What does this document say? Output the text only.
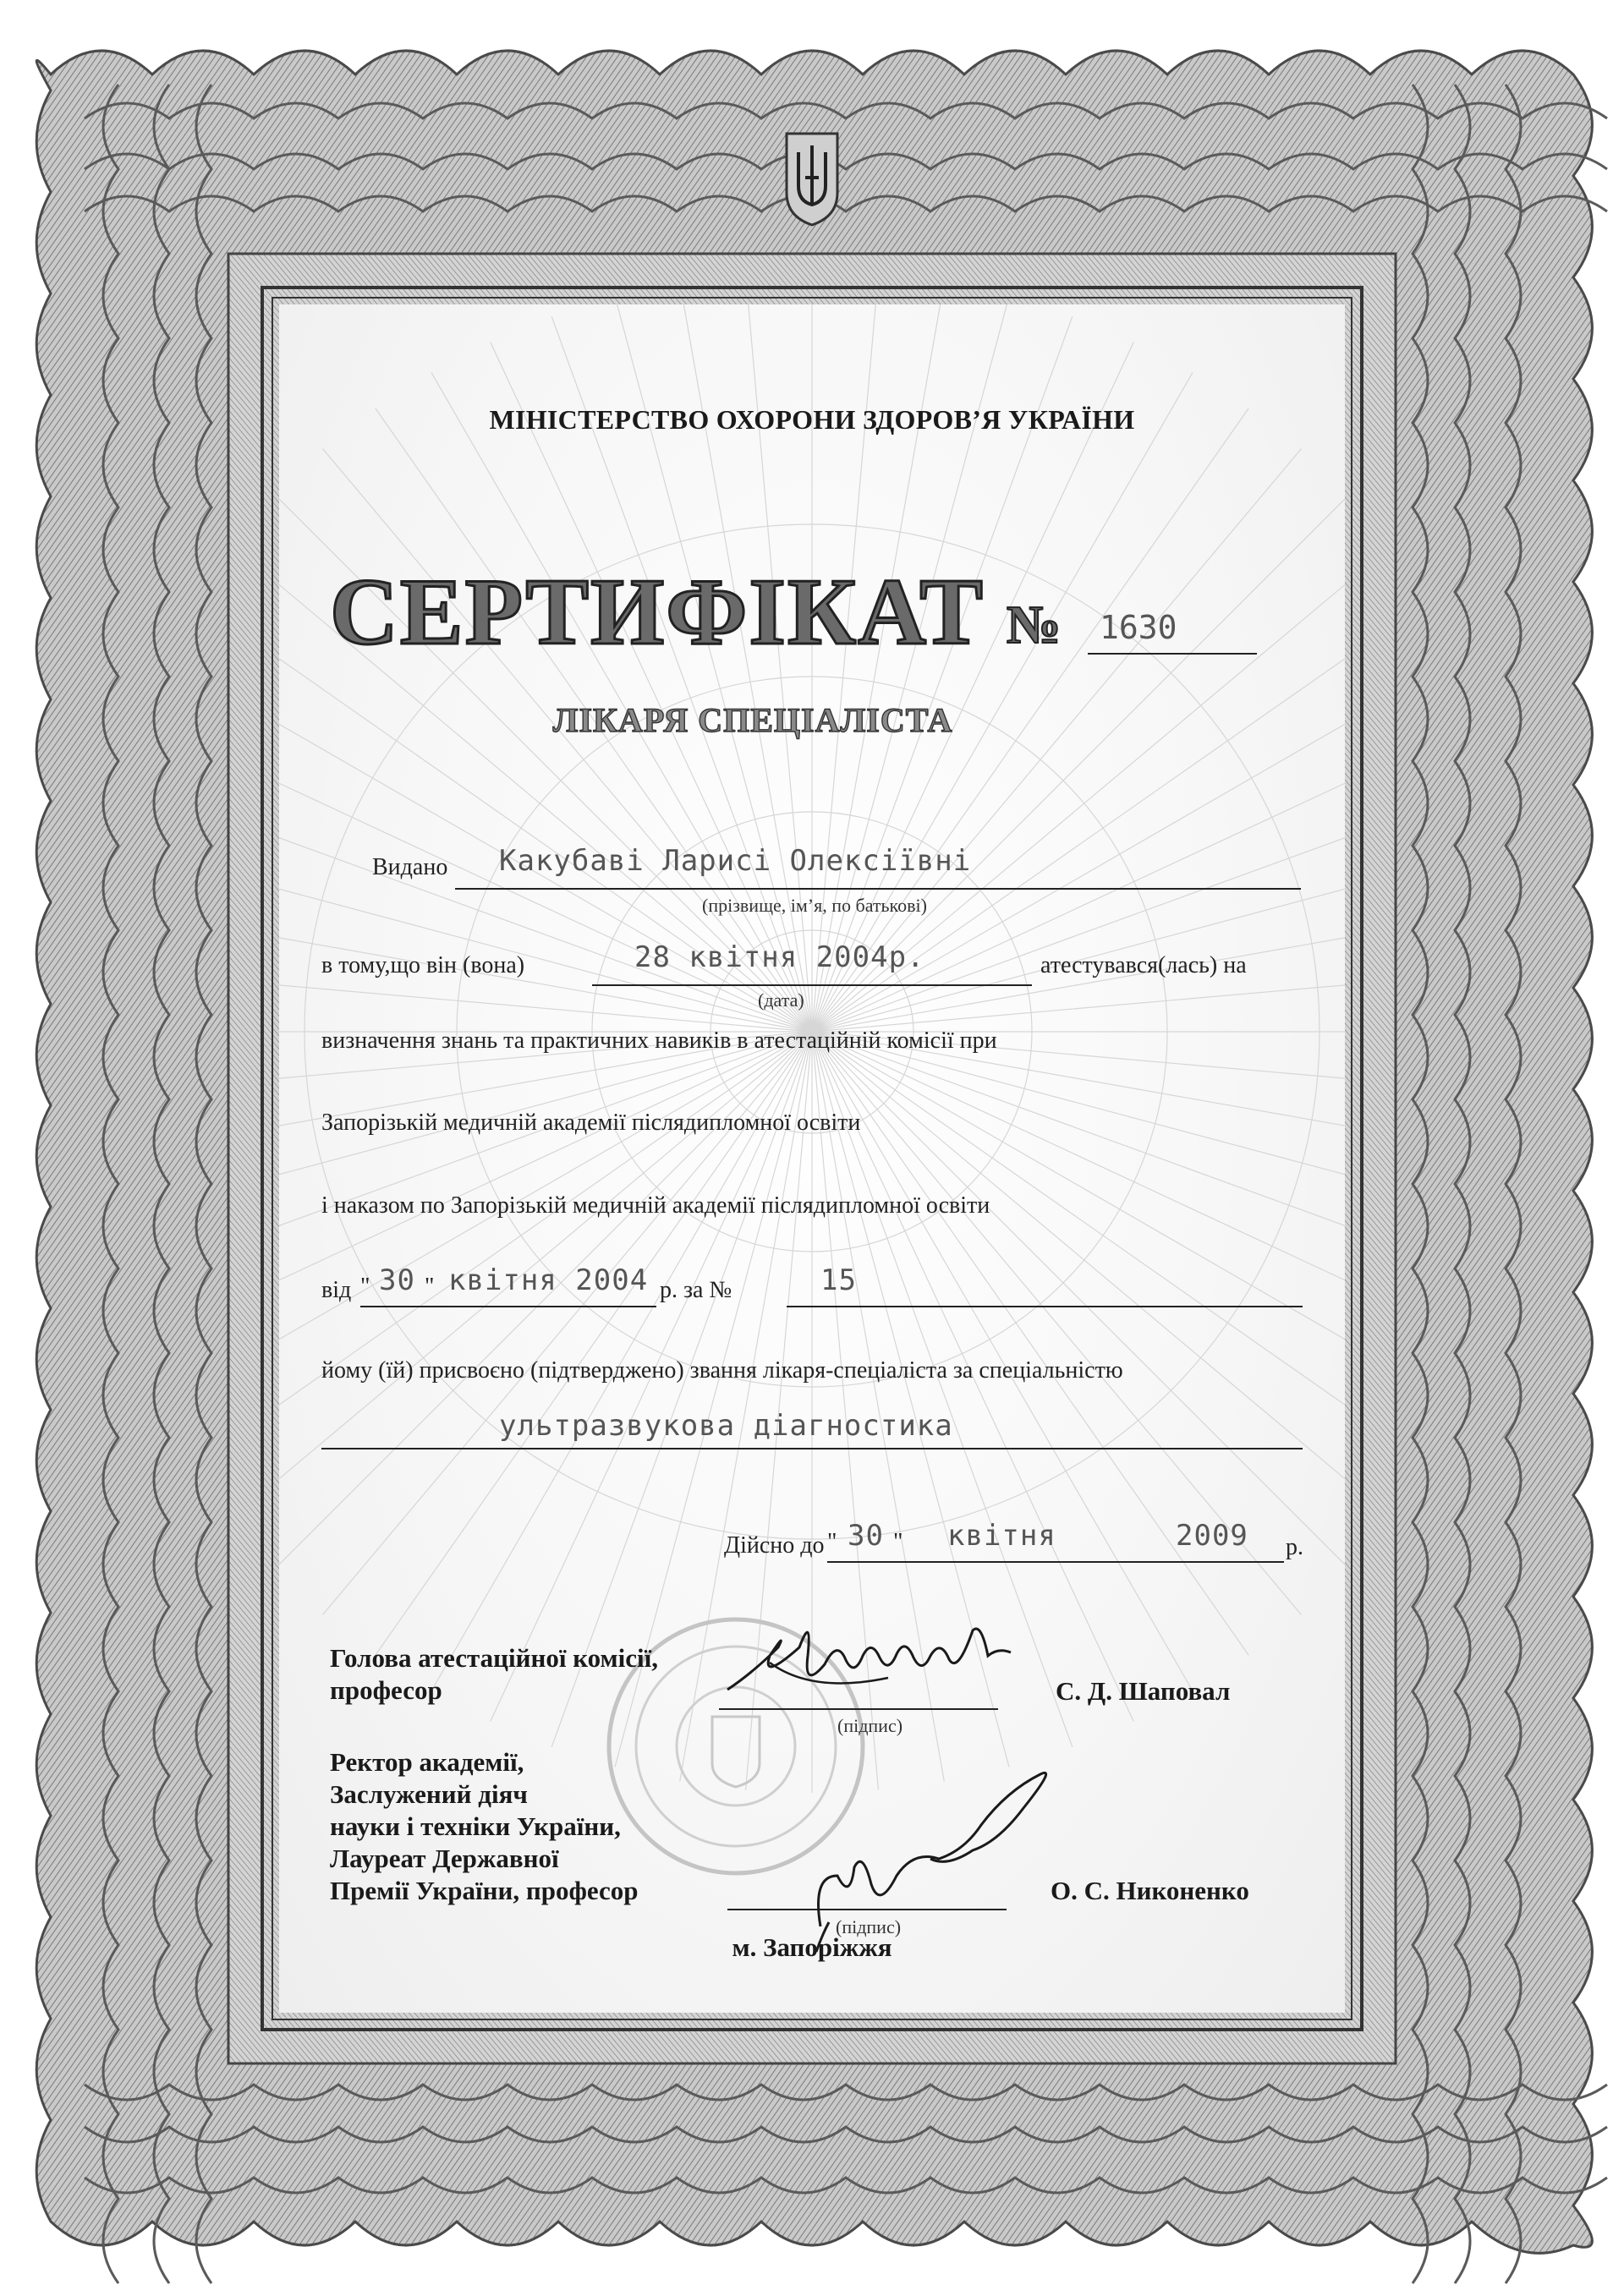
МІНІСТЕРСТВО ОХОРОНИ ЗДОРОВ’Я УКРАЇНИ
СЕРТИФІКАТ № 1630
ЛІКАРЯ СПЕЦІАЛІСТА
Видано Какубаві Ларисі Олексіївні
(прізвище, ім’я, по батькові)
в тому,що він (вона)	28 квітня 2004р.	атестувався(лась) на
(дата)
визначення знань та практичних навиків в атестаційній комісії при
Запорізькій медичній академії післядипломної освіти
і наказом по Запорізькій медичній академії післядипломної освіти
від " 30 " квітня 2004 р. за №	15
йому (їй) присвоєно (підтверджено) звання лікаря-спеціаліста за спеціальністю
ультразвукова діагностика
Дійсно до " 30 " квітня	2009 р.
Голова атестаційної комісії,
професор	С. Д. Шаповал
(підпис)
Ректор академії,
Заслужений діяч
науки і техніки України,
Лауреат Державної
Премії України, професор	О. С. Никоненко
(підпис)
м. Запоріжжя
